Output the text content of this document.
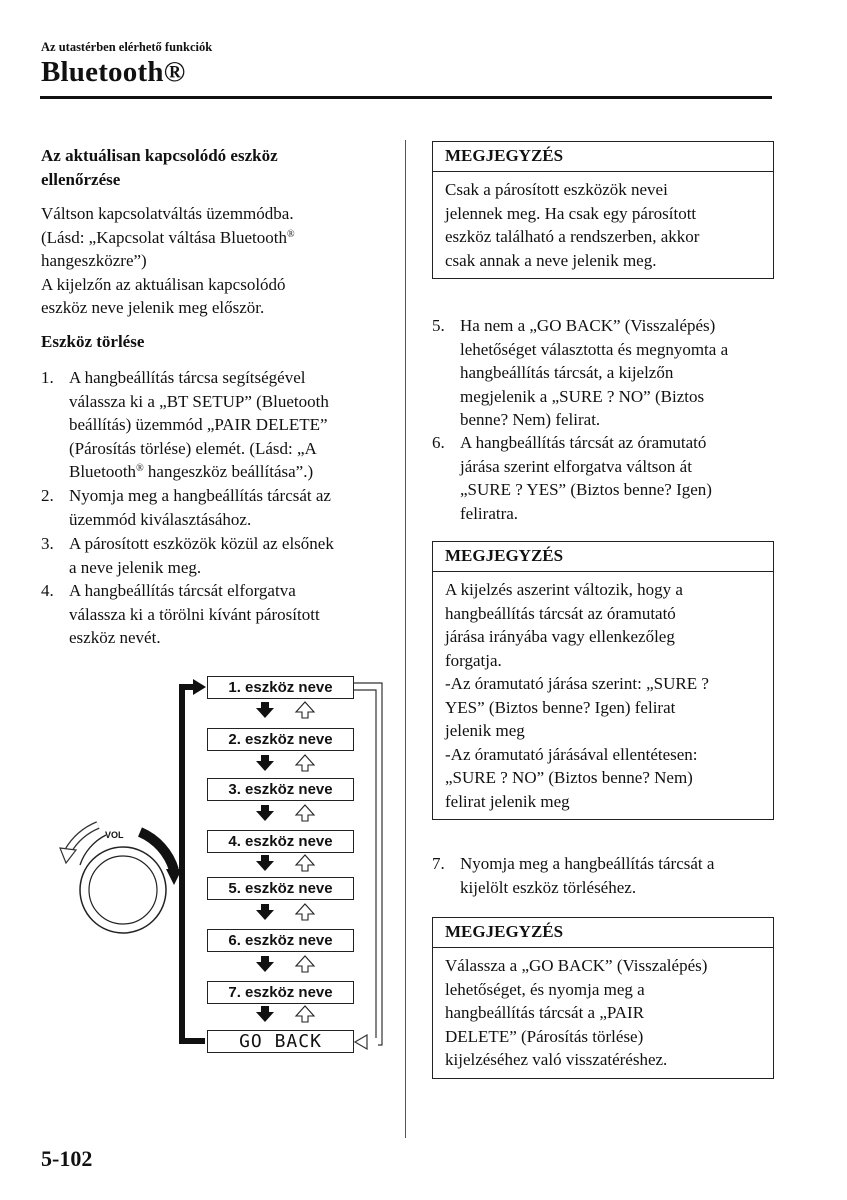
Az utastérben elérhető funkciók
Bluetooth®
Az aktuálisan kapcsolódó eszköz
ellenőrzése
Váltson kapcsolatváltás üzemmódba.
(Lásd: „Kapcsolat váltása Bluetooth®
hangeszközre”)
A kijelzőn az aktuálisan kapcsolódó
eszköz neve jelenik meg először.
Eszköz törlése
1. A hangbeállítás tárcsa segítségével
válassza ki a „BT SETUP” (Bluetooth
beállítás) üzemmód „PAIR DELETE”
(Párosítás törlése) elemét. (Lásd: „A
Bluetooth® hangeszköz beállítása”.)
2. Nyomja meg a hangbeállítás tárcsát az
üzemmód kiválasztásához.
3. A párosított eszközök közül az elsőnek
a neve jelenik meg.
4. A hangbeállítás tárcsát elforgatva
válassza ki a törölni kívánt párosított
eszköz nevét.
VOL
1. eszköz neve
2. eszköz neve
3. eszköz neve
4. eszköz neve
5. eszköz neve
6. eszköz neve
7. eszköz neve
GO BACK
MEGJEGYZÉS
Csak a párosított eszközök nevei
jelennek meg. Ha csak egy párosított
eszköz található a rendszerben, akkor
csak annak a neve jelenik meg.
5. Ha nem a „GO BACK” (Visszalépés)
lehetőséget választotta és megnyomta a
hangbeállítás tárcsát, a kijelzőn
megjelenik a „SURE ? NO” (Biztos
benne? Nem) felirat.
6. A hangbeállítás tárcsát az óramutató
járása szerint elforgatva váltson át
„SURE ? YES” (Biztos benne? Igen)
feliratra.
MEGJEGYZÉS
A kijelzés aszerint változik, hogy a
hangbeállítás tárcsát az óramutató
járása irányába vagy ellenkezőleg
forgatja.
-Az óramutató járása szerint: „SURE ?
YES” (Biztos benne? Igen) felirat
jelenik meg
-Az óramutató járásával ellentétesen:
„SURE ? NO” (Biztos benne? Nem)
felirat jelenik meg
7. Nyomja meg a hangbeállítás tárcsát a
kijelölt eszköz törléséhez.
MEGJEGYZÉS
Válassza a „GO BACK” (Visszalépés)
lehetőséget, és nyomja meg a
hangbeállítás tárcsát a „PAIR
DELETE” (Párosítás törlése)
kijelzéséhez való visszatéréshez.
5-102
